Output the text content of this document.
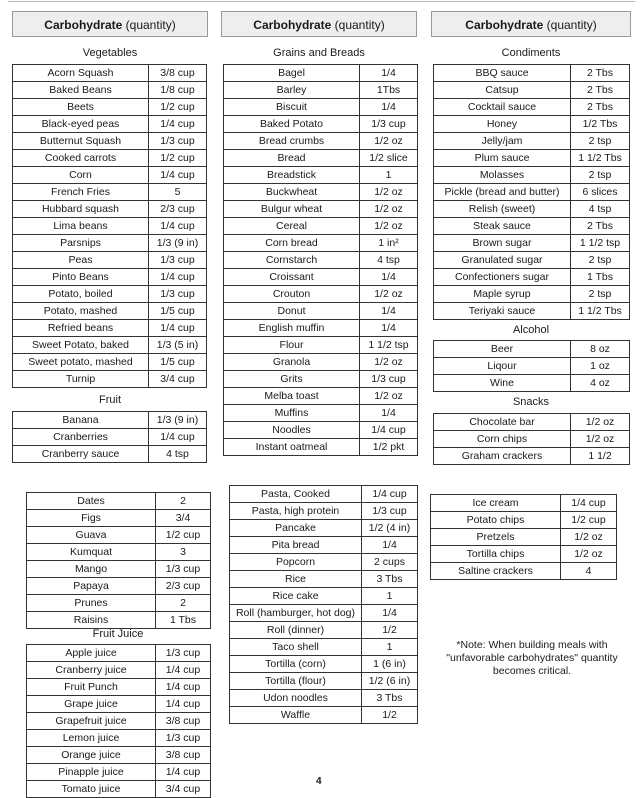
Carbohydrate (quantity)
Vegetables
Acorn Squash	3/8 cup
Baked Beans	1/8 cup
Beets	1/2 cup
Black-eyed peas	1/4 cup
Butternut Squash	1/3 cup
Cooked carrots	1/2 cup
Corn	1/4 cup
French Fries	5
Hubbard squash	2/3 cup
Lima beans	1/4 cup
Parsnips	1/3 (9 in)
Peas	1/3 cup
Pinto Beans	1/4 cup
Potato, boiled	1/3 cup
Potato, mashed	1/5 cup
Refried beans	1/4 cup
Sweet Potato, baked	1/3 (5 in)
Sweet potato, mashed	1/5 cup
Turnip	3/4 cup
Fruit
Banana	1/3 (9 in)
Cranberries	1/4 cup
Cranberry sauce	4 tsp
Dates	2
Figs	3/4
Guava	1/2 cup
Kumquat	3
Mango	1/3 cup
Papaya	2/3 cup
Prunes	2
Raisins	1 Tbs
Fruit Juice
Apple juice	1/3 cup
Cranberry juice	1/4 cup
Fruit Punch	1/4 cup
Grape juice	1/4 cup
Grapefruit juice	3/8 cup
Lemon juice	1/3 cup
Orange juice	3/8 cup
Pinapple juice	1/4 cup
Tomato juice	3/4 cup
Carbohydrate (quantity)
Grains and Breads
Bagel	1/4
Barley	1Tbs
Biscuit	1/4
Baked Potato	1/3 cup
Bread crumbs	1/2 oz
Bread	1/2 slice
Breadstick	1
Buckwheat	1/2 oz
Bulgur wheat	1/2 oz
Cereal	1/2 oz
Corn bread	1 in²
Cornstarch	4 tsp
Croissant	1/4
Crouton	1/2 oz
Donut	1/4
English muffin	1/4
Flour	1 1/2 tsp
Granola	1/2 oz
Grits	1/3 cup
Melba toast	1/2 oz
Muffins	1/4
Noodles	1/4 cup
Instant oatmeal	1/2 pkt
Pasta, Cooked	1/4 cup
Pasta, high protein	1/3 cup
Pancake	1/2 (4 in)
Pita bread	1/4
Popcorn	2 cups
Rice	3 Tbs
Rice cake	1
Roll (hamburger, hot dog)	1/4
Roll (dinner)	1/2
Taco shell	1
Tortilla (corn)	1 (6 in)
Tortilla (flour)	1/2 (6 in)
Udon noodles	3 Tbs
Waffle	1/2
Carbohydrate (quantity)
Condiments
BBQ sauce	2 Tbs
Catsup	2 Tbs
Cocktail sauce	2 Tbs
Honey	1/2 Tbs
Jelly/jam	2 tsp
Plum sauce	1 1/2 Tbs
Molasses	2 tsp
Pickle (bread and butter)	6 slices
Relish (sweet)	4 tsp
Steak sauce	2 Tbs
Brown sugar	1 1/2 tsp
Granulated sugar	2 tsp
Confectioners sugar	1 Tbs
Maple syrup	2 tsp
Teriyaki sauce	1 1/2 Tbs
Alcohol
Beer	8 oz
Liqour	1 oz
Wine	4 oz
Snacks
Chocolate bar	1/2 oz
Corn chips	1/2 oz
Graham crackers	1 1/2
Ice cream	1/4 cup
Potato chips	1/2 cup
Pretzels	1/2 oz
Tortilla chips	1/2 oz
Saltine crackers	4
*Note: When building meals with
"unfavorable carbohydrates" quantity
becomes critical.
4
